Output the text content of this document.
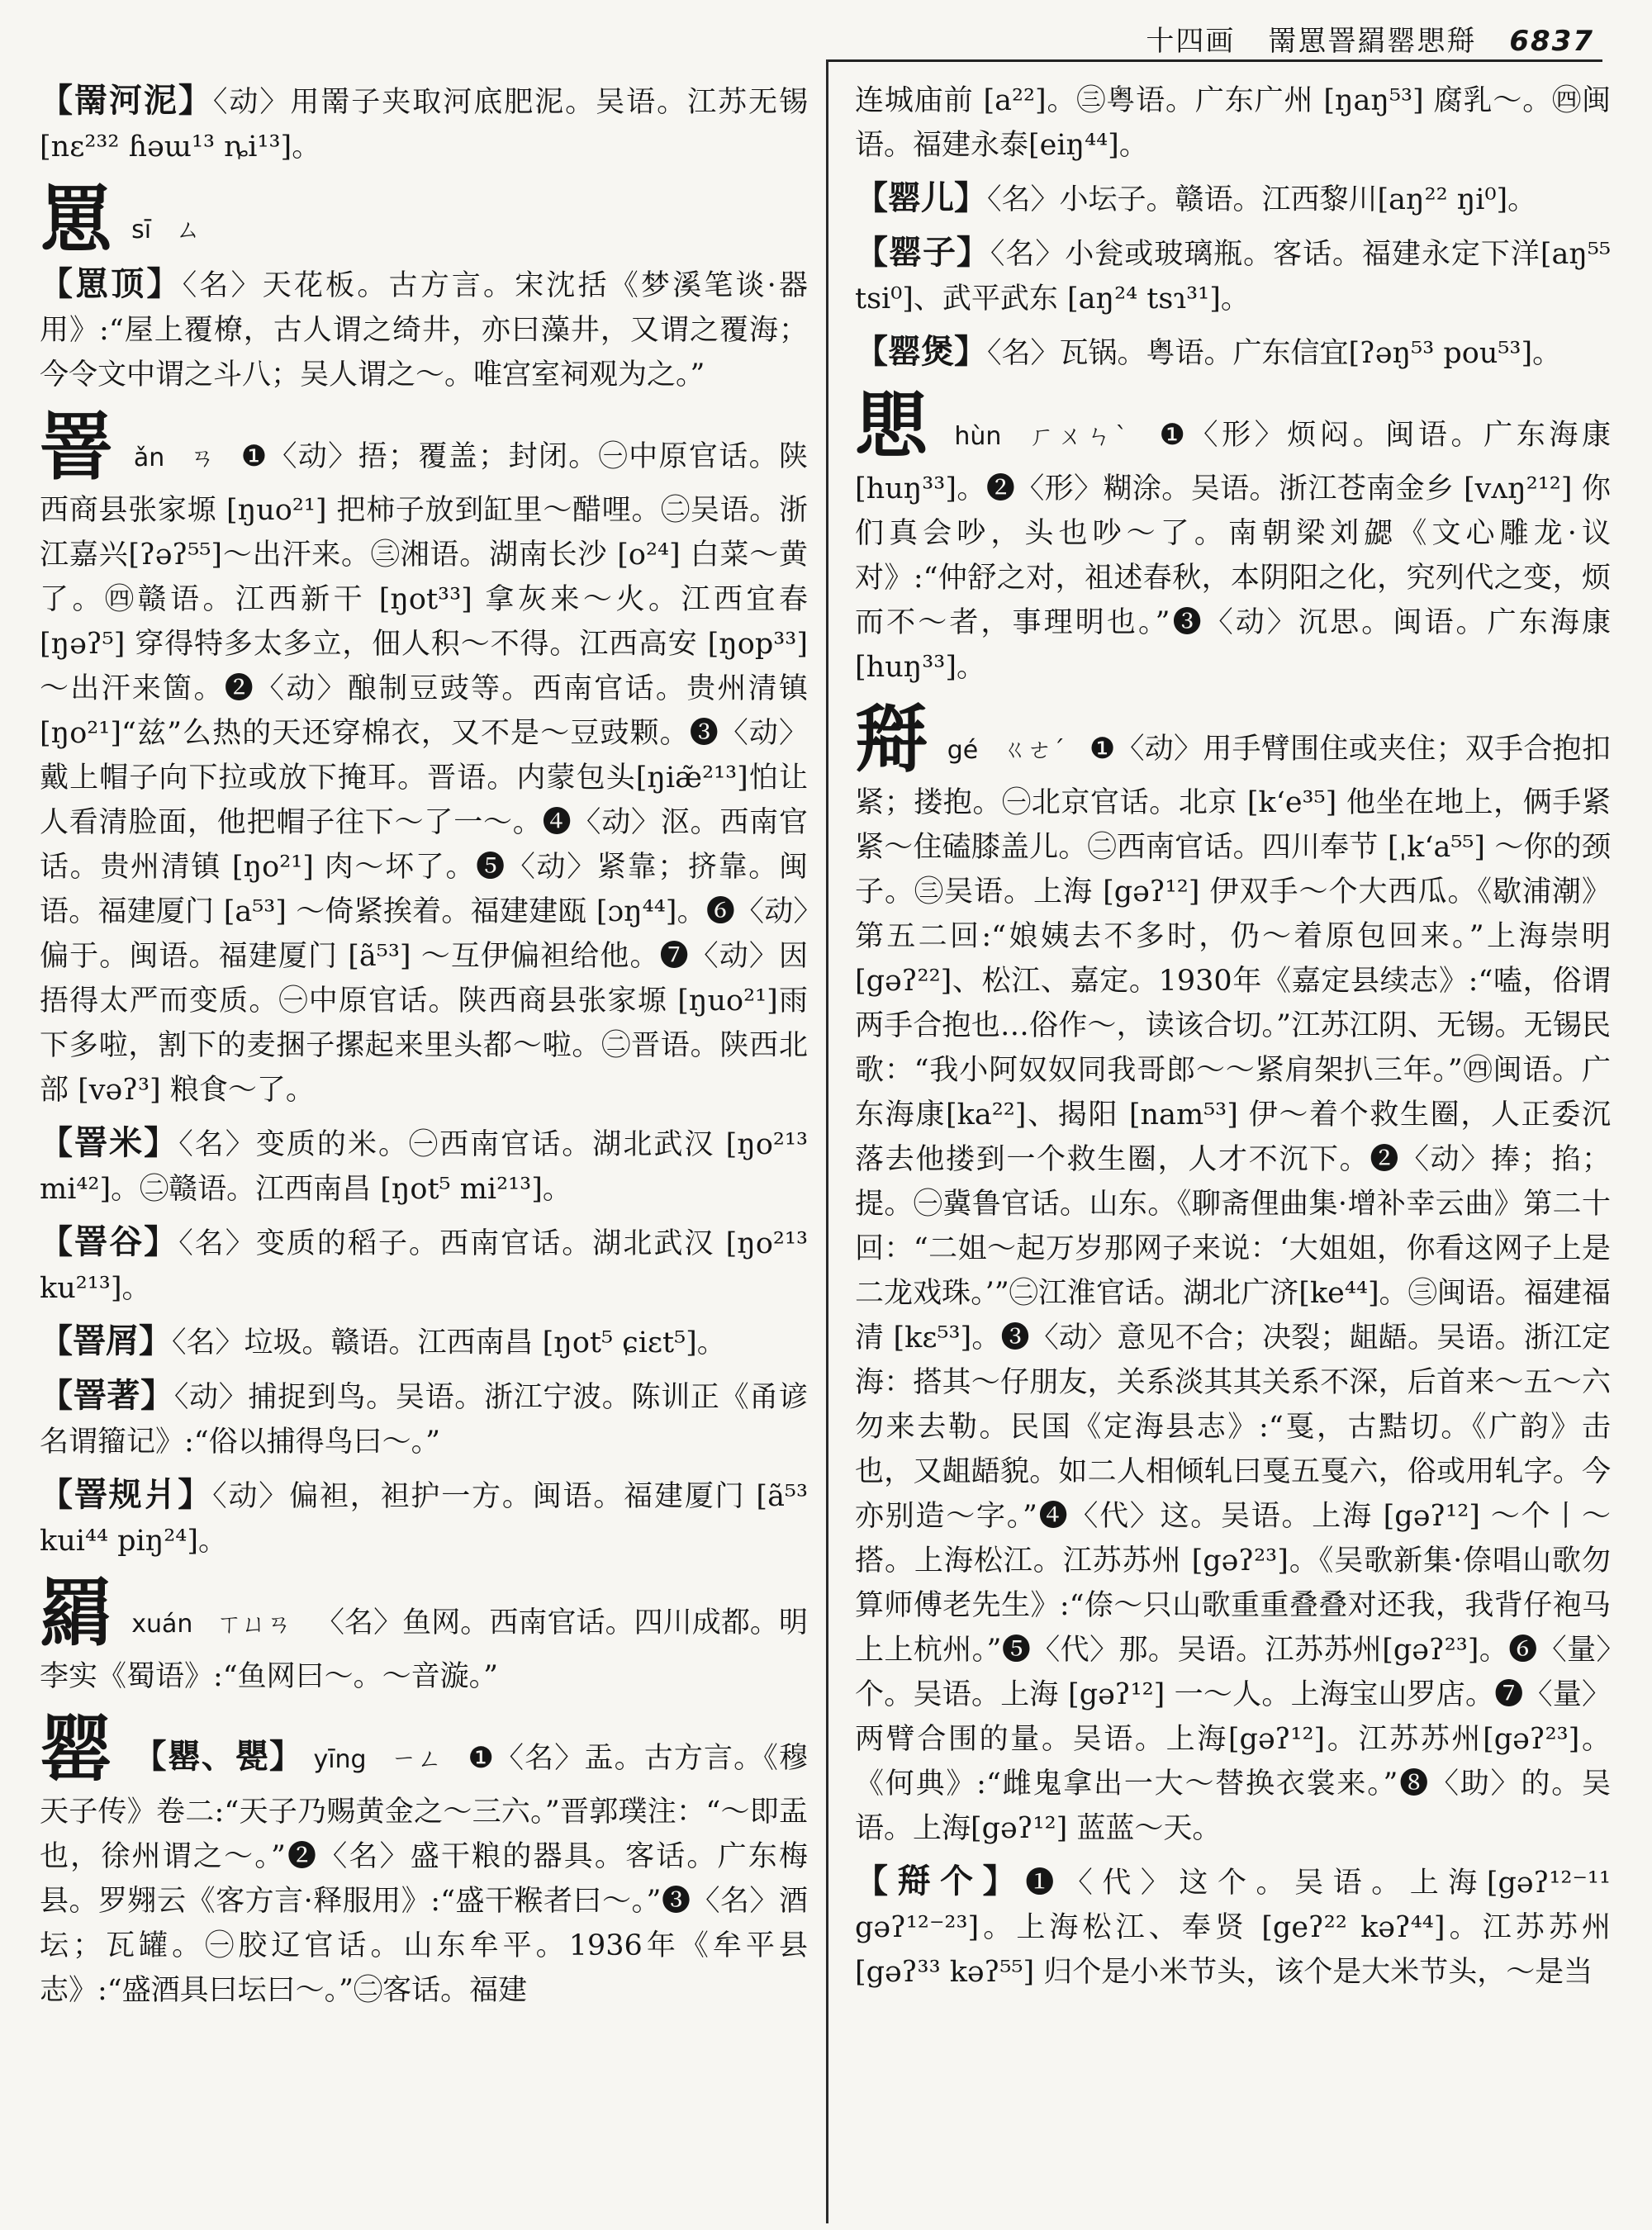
十四画 罱罳罯羂罂愳搿 6837
【罱河泥】〈动〉用罱子夹取河底肥泥。吴语。江苏无锡 [nɛ²³² ɦəɯ¹³ ȵi¹³]。
罳 sī ㄙ
【罳顶】〈名〉天花板。古方言。宋沈括《梦溪笔谈·器用》:“屋上覆橑，古人谓之绮井，亦曰藻井，又谓之覆海；今令文中谓之斗八；吴人谓之～。唯宫室祠观为之。”
罯 ǎn ㄢ ❶〈动〉捂；覆盖；封闭。㊀中原官话。陕西商县张家塬 [ŋuo²¹] 把柿子放到缸里～醋哩。㊁吴语。浙江嘉兴[ʔəʔ⁵⁵]～出汗来。㊂湘语。湖南长沙 [o²⁴] 白菜～黄了。㊃赣语。江西新干 [ŋot³³] 拿灰来～火。江西宜春 [ŋəʔ⁵] 穿得特多太多立，佃人积～不得。江西高安 [ŋop³³] ～出汗来箇。❷〈动〉酿制豆豉等。西南官话。贵州清镇[ŋo²¹]“兹”么热的天还穿棉衣，又不是～豆豉颗。❸〈动〉戴上帽子向下拉或放下掩耳。晋语。内蒙包头[ŋiæ̃²¹³]怕让人看清脸面，他把帽子往下～了一～。❹〈动〉沤。西南官话。贵州清镇 [ŋo²¹] 肉～坏了。❺〈动〉紧靠；挤靠。闽语。福建厦门 [a⁵³] ～倚紧挨着。福建建瓯 [ɔŋ⁴⁴]。❻〈动〉偏于。闽语。福建厦门 [ã⁵³] ～互伊偏袒给他。❼〈动〉因捂得太严而变质。㊀中原官话。陕西商县张家塬 [ŋuo²¹]雨下多啦，割下的麦捆子摞起来里头都～啦。㊁晋语。陕西北部 [vəʔ³] 粮食～了。
【罯米】〈名〉变质的米。㊀西南官话。湖北武汉 [ŋo²¹³ mi⁴²]。㊁赣语。江西南昌 [ŋot⁵ mi²¹³]。
【罯谷】〈名〉变质的稻子。西南官话。湖北武汉 [ŋo²¹³ ku²¹³]。
【罯屑】〈名〉垃圾。赣语。江西南昌 [ŋot⁵ ɕiɛt⁵]。
【罯著】〈动〉捕捉到鸟。吴语。浙江宁波。陈训正《甬谚名谓籀记》:“俗以捕得鸟曰～。”
【罯规爿】〈动〉偏袒，袒护一方。闽语。福建厦门 [ã⁵³ kui⁴⁴ piŋ²⁴]。
羂 xuán ㄒㄩㄢ 〈名〉鱼网。西南官话。四川成都。明李实《蜀语》:“鱼网曰～。～音漩。”
罂 【罌、甖】 yīng ㄧㄥ ❶〈名〉盂。古方言。《穆天子传》卷二:“天子乃赐黄金之～三六。”晋郭璞注：“～即盂也，徐州谓之～。”❷〈名〉盛干粮的器具。客话。广东梅县。罗翙云《客方言·释服用》:“盛干糇者曰～。”❸〈名〉酒坛；瓦罐。㊀胶辽官话。山东牟平。1936年《牟平县志》:“盛酒具曰坛曰～。”㊁客话。福建
连城庙前 [a²²]。㊂粤语。广东广州 [ŋaŋ⁵³] 腐乳～。㊃闽语。福建永泰[eiŋ⁴⁴]。
【罂儿】〈名〉小坛子。赣语。江西黎川[aŋ²² ŋi⁰]。
【罂子】〈名〉小瓮或玻璃瓶。客话。福建永定下洋[aŋ⁵⁵ tsi⁰]、武平武东 [aŋ²⁴ tsɿ³¹]。
【罂煲】〈名〉瓦锅。粤语。广东信宜[ʔəŋ⁵³ pou⁵³]。
愳 hùn ㄏㄨㄣˋ ❶〈形〉烦闷。闽语。广东海康[huŋ³³]。❷〈形〉糊涂。吴语。浙江苍南金乡 [vʌŋ²¹²] 你们真会吵，头也吵～了。南朝梁刘勰《文心雕龙·议对》:“仲舒之对，祖述春秋，本阴阳之化，究列代之变，烦而不～者，事理明也。”❸〈动〉沉思。闽语。广东海康 [huŋ³³]。
搿 gé ㄍㄜˊ ❶〈动〉用手臂围住或夹住；双手合抱扣紧；搂抱。㊀北京官话。北京 [kʻe³⁵] 他坐在地上，俩手紧紧～住磕膝盖儿。㊁西南官话。四川奉节 [ˌkʻa⁵⁵] ～你的颈子。㊂吴语。上海 [gəʔ¹²] 伊双手～个大西瓜。《歇浦潮》第五二回:“娘姨去不多时，仍～着原包回来。”上海崇明[gəʔ²²]、松江、嘉定。1930年《嘉定县续志》:“嗑，俗谓两手合抱也…俗作～，读该合切。”江苏江阴、无锡。无锡民歌：“我小阿奴奴同我哥郎～～紧肩架扒三年。”㊃闽语。广东海康[ka²²]、揭阳 [nam⁵³] 伊～着个救生圈，人正委沉落去他搂到一个救生圈，人才不沉下。❷〈动〉捧；掐；提。㊀冀鲁官话。山东。《聊斋俚曲集·增补幸云曲》第二十回：“二姐～起万岁那网子来说：‘大姐姐，你看这网子上是二龙戏珠。’”㊁江淮官话。湖北广济[ke⁴⁴]。㊂闽语。福建福清 [kɛ⁵³]。❸〈动〉意见不合；决裂；龃龉。吴语。浙江定海：搭其～仔朋友，关系淡其其关系不深，后首来～五～六勿来去勒。民国《定海县志》:“戛，古黠切。《广韵》击也，又龃龉貌。如二人相倾轧曰戛五戛六，俗或用轧字。今亦别造～字。”❹〈代〉这。吴语。上海 [gəʔ¹²] ～个丨～搭。上海松江。江苏苏州 [gəʔ²³]。《吴歌新集·倷唱山歌勿算师傅老先生》:“倷～只山歌重重叠叠对还我，我背仔袍马上上杭州。”❺〈代〉那。吴语。江苏苏州[gəʔ²³]。❻〈量〉个。吴语。上海 [gəʔ¹²] 一～人。上海宝山罗店。❼〈量〉两臂合围的量。吴语。上海[gəʔ¹²]。江苏苏州[gəʔ²³]。《何典》:“雌鬼拿出一大～替换衣裳来。”❽〈助〉的。吴语。上海[gəʔ¹²] 蓝蓝～天。
【搿个】❶〈代〉这个。吴语。上海[gəʔ¹²⁻¹¹ gəʔ¹²⁻²³]。上海松江、奉贤 [geʔ²² kəʔ⁴⁴]。江苏苏州 [gəʔ³³ kəʔ⁵⁵] 归个是小米节头，该个是大米节头，～是当
